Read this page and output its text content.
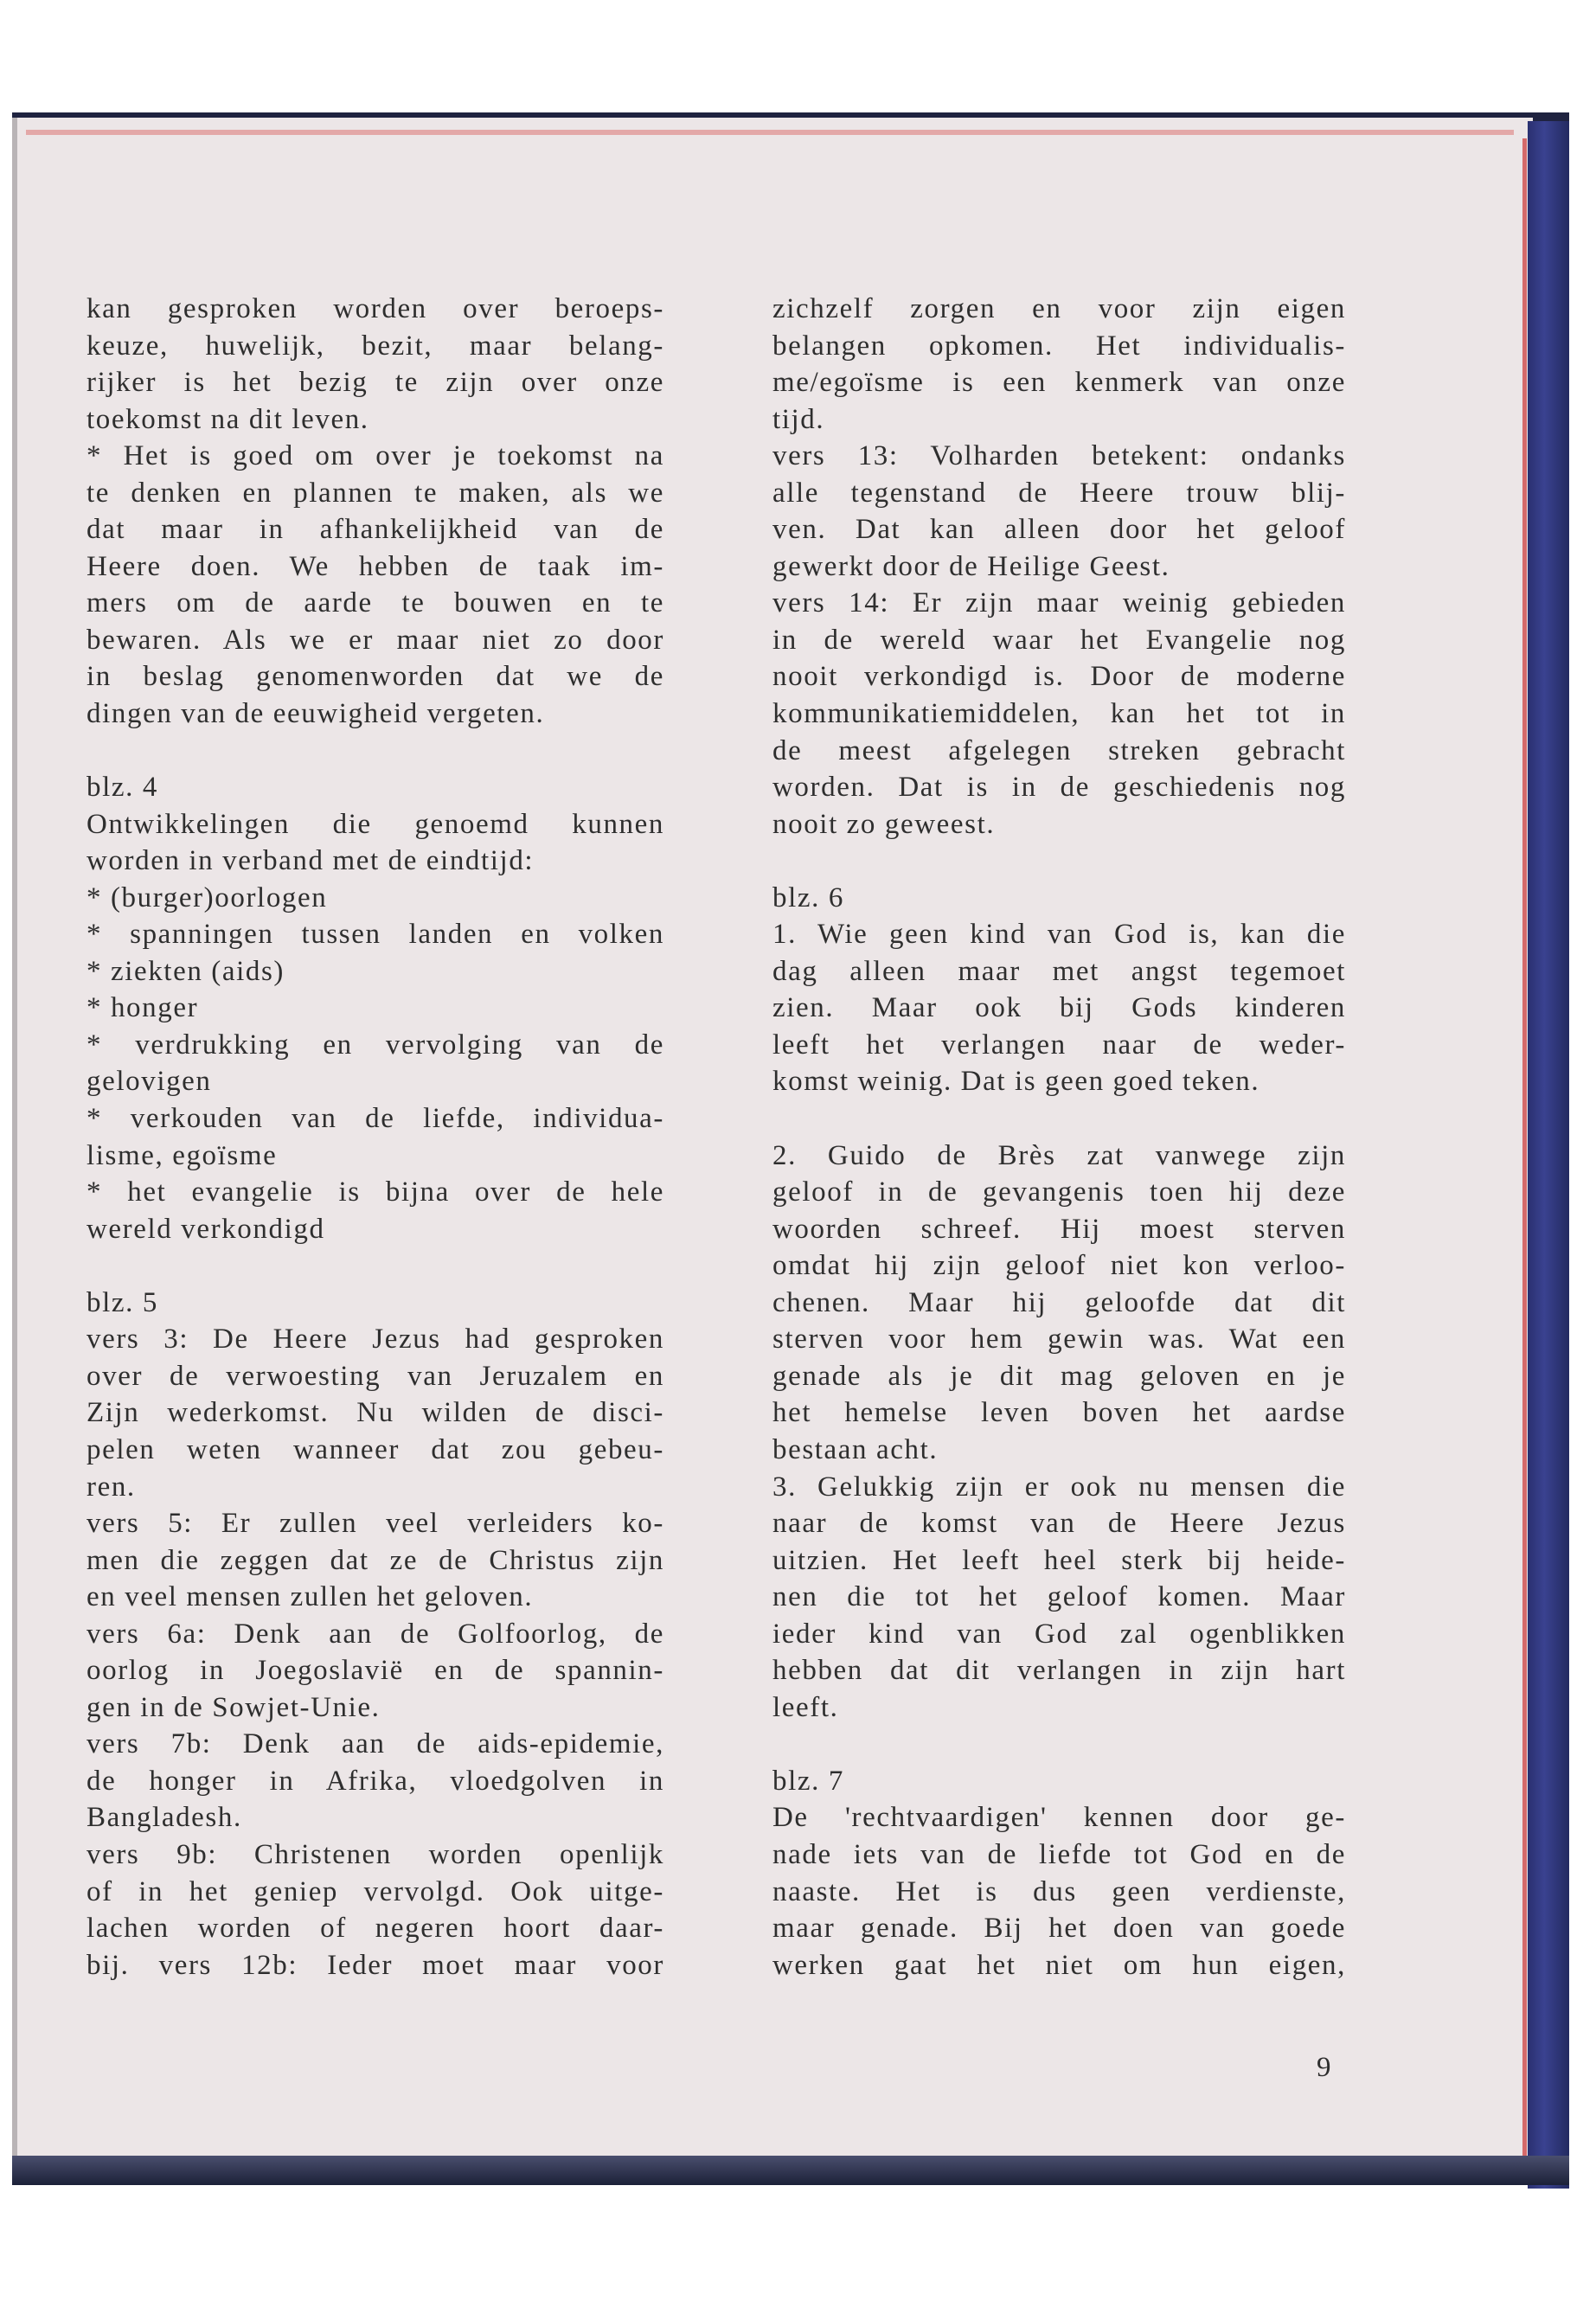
kan gesproken worden over beroeps-
keuze, huwelijk, bezit, maar belang-
rijker is het bezig te zijn over onze
toekomst na dit leven.
* Het is goed om over je toekomst na
te denken en plannen te maken, als we
dat maar in afhankelijkheid van de
Heere doen. We hebben de taak im-
mers om de aarde te bouwen en te
bewaren. Als we er maar niet zo door
in beslag genomenworden dat we de
dingen van de eeuwigheid vergeten.
blz. 4
Ontwikkelingen die genoemd kunnen
worden in verband met de eindtijd:
* (burger)oorlogen
* spanningen tussen landen en volken
* ziekten (aids)
* honger
* verdrukking en vervolging van de
gelovigen
* verkouden van de liefde, individua-
lisme, egoïsme
* het evangelie is bijna over de hele
wereld verkondigd
blz. 5
vers 3: De Heere Jezus had gesproken
over de verwoesting van Jeruzalem en
Zijn wederkomst. Nu wilden de disci-
pelen weten wanneer dat zou gebeu-
ren.
vers 5: Er zullen veel verleiders ko-
men die zeggen dat ze de Christus zijn
en veel mensen zullen het geloven.
vers 6a: Denk aan de Golfoorlog, de
oorlog in Joegoslavië en de spannin-
gen in de Sowjet-Unie.
vers 7b: Denk aan de aids-epidemie,
de honger in Afrika, vloedgolven in
Bangladesh.
vers 9b: Christenen worden openlijk
of in het geniep vervolgd. Ook uitge-
lachen worden of negeren hoort daar-
bij. vers 12b: Ieder moet maar voor
zichzelf zorgen en voor zijn eigen
belangen opkomen. Het individualis-
me/egoïsme is een kenmerk van onze
tijd.
vers 13: Volharden betekent: ondanks
alle tegenstand de Heere trouw blij-
ven. Dat kan alleen door het geloof
gewerkt door de Heilige Geest.
vers 14: Er zijn maar weinig gebieden
in de wereld waar het Evangelie nog
nooit verkondigd is. Door de moderne
kommunikatiemiddelen, kan het tot in
de meest afgelegen streken gebracht
worden. Dat is in de geschiedenis nog
nooit zo geweest.
blz. 6
1. Wie geen kind van God is, kan die
dag alleen maar met angst tegemoet
zien. Maar ook bij Gods kinderen
leeft het verlangen naar de weder-
komst weinig. Dat is geen goed teken.
2. Guido de Brès zat vanwege zijn
geloof in de gevangenis toen hij deze
woorden schreef. Hij moest sterven
omdat hij zijn geloof niet kon verloo-
chenen. Maar hij geloofde dat dit
sterven voor hem gewin was. Wat een
genade als je dit mag geloven en je
het hemelse leven boven het aardse
bestaan acht.
3. Gelukkig zijn er ook nu mensen die
naar de komst van de Heere Jezus
uitzien. Het leeft heel sterk bij heide-
nen die tot het geloof komen. Maar
ieder kind van God zal ogenblikken
hebben dat dit verlangen in zijn hart
leeft.
blz. 7
De 'rechtvaardigen' kennen door ge-
nade iets van de liefde tot God en de
naaste. Het is dus geen verdienste,
maar genade. Bij het doen van goede
werken gaat het niet om hun eigen,
9
